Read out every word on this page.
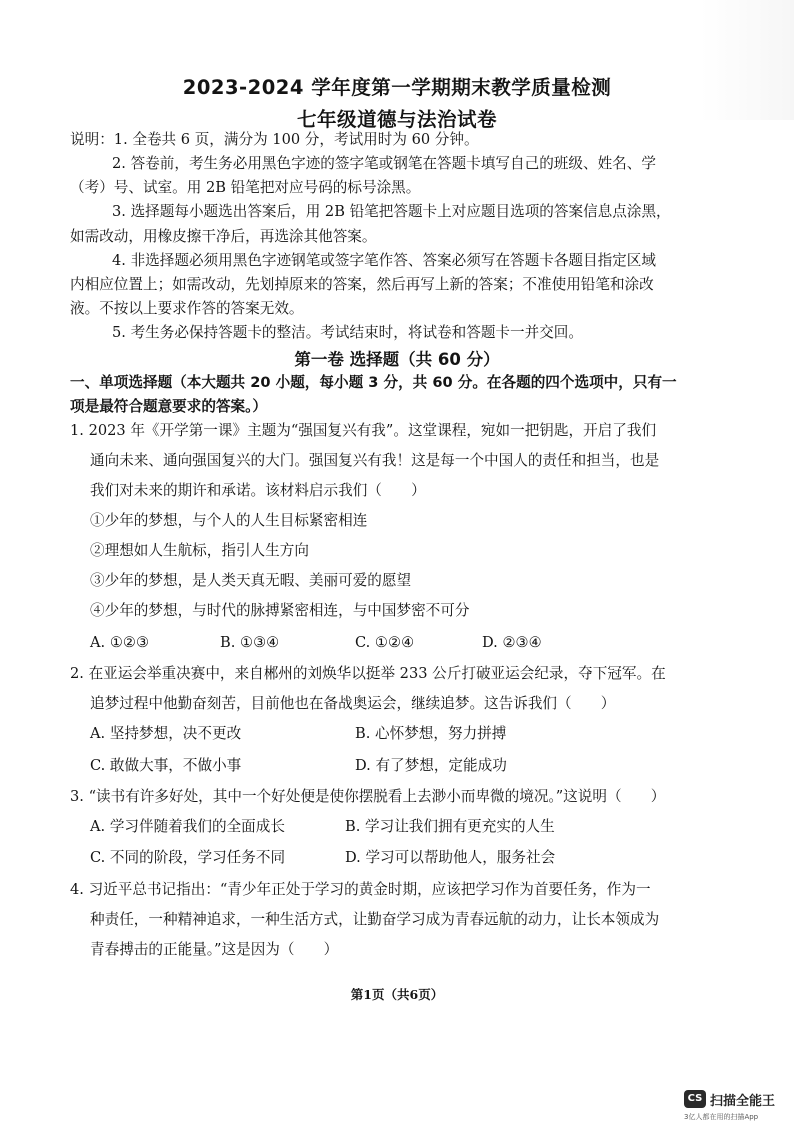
2023-2024 学年度第一学期期末教学质量检测
七年级道德与法治试卷
说明：1. 全卷共 6 页，满分为 100 分，考试用时为 60 分钟。
2. 答卷前，考生务必用黑色字迹的签字笔或钢笔在答题卡填写自己的班级、姓名、学
（考）号、试室。用 2B 铅笔把对应号码的标号涂黑。
3. 选择题每小题选出答案后，用 2B 铅笔把答题卡上对应题目选项的答案信息点涂黑，
如需改动，用橡皮擦干净后，再选涂其他答案。
4. 非选择题必须用黑色字迹钢笔或签字笔作答、答案必须写在答题卡各题目指定区域
内相应位置上；如需改动，先划掉原来的答案，然后再写上新的答案；不准使用铅笔和涂改
液。不按以上要求作答的答案无效。
5. 考生务必保持答题卡的整洁。考试结束时，将试卷和答题卡一并交回。
第一卷 选择题（共 60 分）
一、单项选择题（本大题共 20 小题，每小题 3 分，共 60 分。在各题的四个选项中，只有一
项是最符合题意要求的答案。）
1. 2023 年《开学第一课》主题为“强国复兴有我”。这堂课程，宛如一把钥匙，开启了我们
通向未来、通向强国复兴的大门。强国复兴有我！这是每一个中国人的责任和担当，也是
我们对未来的期许和承诺。该材料启示我们（　　）
①少年的梦想，与个人的人生目标紧密相连
②理想如人生航标，指引人生方向
③少年的梦想，是人类天真无暇、美丽可爱的愿望
④少年的梦想，与时代的脉搏紧密相连，与中国梦密不可分
A. ①②③	B. ①③④	C. ①②④	D. ②③④
2. 在亚运会举重决赛中，来自郴州的刘焕华以挺举 233 公斤打破亚运会纪录，夺下冠军。在
追梦过程中他勤奋刻苦，目前他也在备战奥运会，继续追梦。这告诉我们（　　）
A. 坚持梦想，决不更改	B. 心怀梦想，努力拼搏
C. 敢做大事，不做小事	D. 有了梦想，定能成功
3. “读书有许多好处，其中一个好处便是使你摆脱看上去渺小而卑微的境况。”这说明（　　）
A. 学习伴随着我们的全面成长	B. 学习让我们拥有更充实的人生
C. 不同的阶段，学习任务不同	D. 学习可以帮助他人，服务社会
4. 习近平总书记指出：“青少年正处于学习的黄金时期，应该把学习作为首要任务，作为一
种责任，一种精神追求，一种生活方式，让勤奋学习成为青春远航的动力，让长本领成为
青春搏击的正能量。”这是因为（　　）
第1页（共6页）
CS 扫描全能王
3亿人都在用的扫描App
